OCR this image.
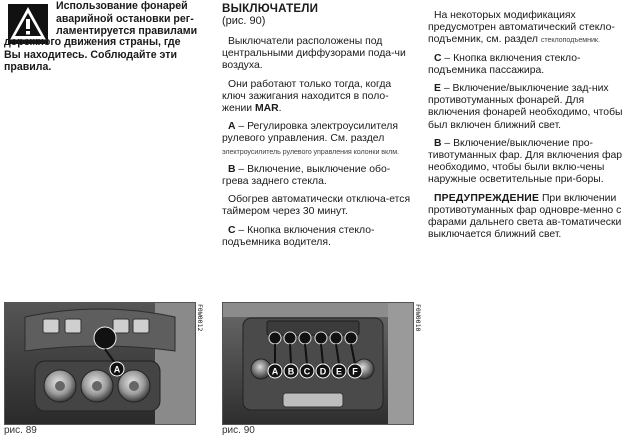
Использование фонарей
аварийной остановки рег-
ламентируется правилами
дорожного движения страны, где
Вы находитесь. Соблюдайте эти
правила.
ВЫКЛЮЧАТЕЛИ
(рис. 90)

Выключатели расположены под центральными диффузорами пода-чи воздуха.

Они работают только тогда, когда ключ зажигания находится в поло-жении MAR.

A – Регулировка электроусилителя рулевого управления. См. раздел электроусилитель рулевого управления колонки вклм.

B – Включение, выключение обо-грева заднего стекла.

Обогрев автоматически отключа-ется таймером через 30 минут.

C – Кнопка включения стекло-подъемника водителя.

На некоторых модификациях предусмотрен автоматический стекло-подъемник, см. раздел стеклоподъемник.

C – Кнопка включения стекло-подъемника пассажира.

E – Включение/выключение зад-них противотуманных фонарей. Для включения фонарей необходимо, чтобы был включен ближний свет.

B – Включение/выключение про-тивотуманных фар. Для включения фар необходимо, чтобы были вклю-чены наружные осветительные при-боры.

ПРЕДУПРЕЖДЕНИЕ При включении противотуманных фар одновре-менно с фарами дальнего света ав-томатически выключается ближний свет.

A
F0W0012
рис. 89
A B C D E F
F0W0010
рис. 90
